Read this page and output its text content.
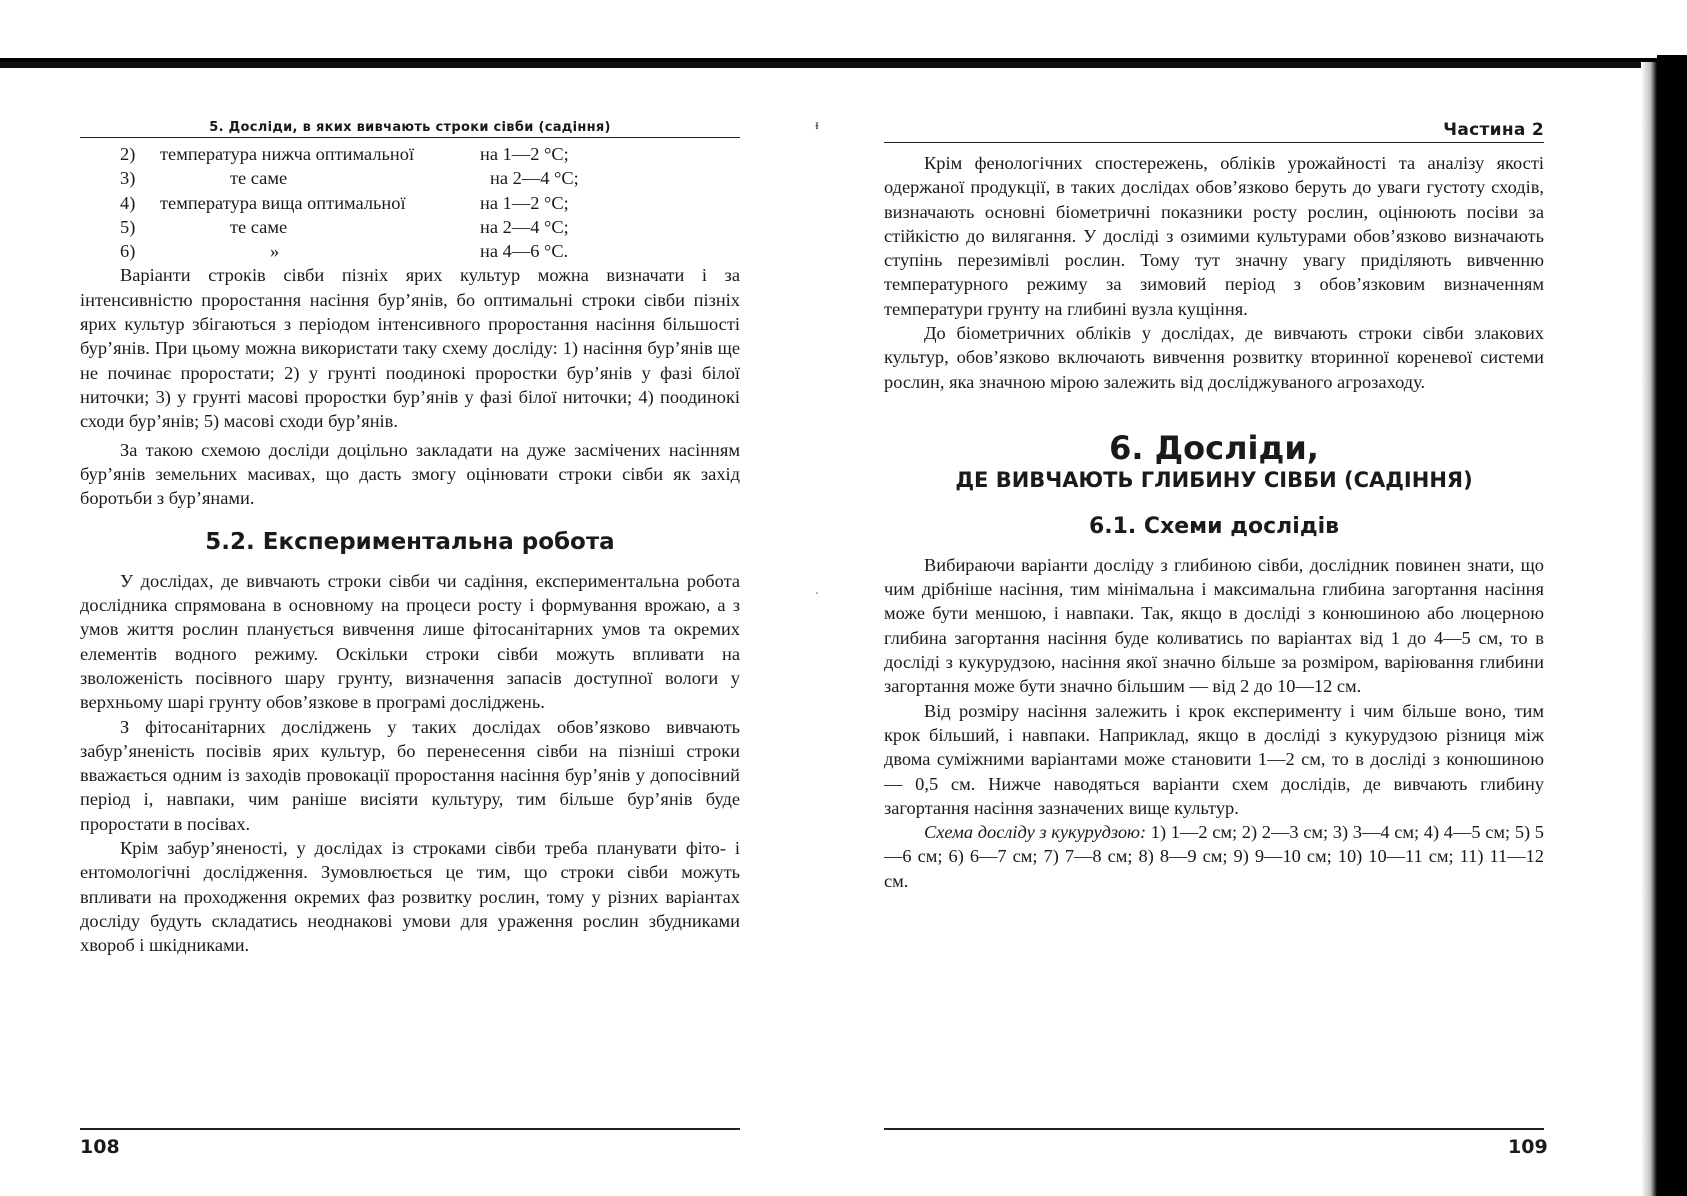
ᵻ
ˑ
5. Досліди, в яких вивчають строки сівби (садіння)
2) температура нижча оптимальної	на 1—2 °С;
3)	те саме	на 2—4 °С;
4) температура вища оптимальної	на 1—2 °С;
5)	те саме	на 2—4 °С;
6)	»	на 4—6 °С.

Варіанти строків сівби пізніх ярих культур можна визначати і за інтенсивністю проростання насіння бур’янів, бо оптимальні строки сівби пізніх ярих культур збігаються з періодом інтенсивного проростання насіння більшості бур’янів. При цьому можна використати таку схему досліду: 1) насіння бур’янів ще не починає проростати; 2) у грунті поодинокі проростки бур’янів у фазі білої ниточки; 3) у грунті масові проростки бур’янів у фазі білої ниточки; 4) поодинокі сходи бур’янів; 5) масові сходи бур’янів.

За такою схемою досліди доцільно закладати на дуже засмічених насінням бур’янів земельних масивах, що дасть змогу оцінювати строки сівби як захід боротьби з бур’янами.

5.2. Експериментальна робота

У дослідах, де вивчають строки сівби чи садіння, експериментальна робота дослідника спрямована в основному на процеси росту і формування врожаю, а з умов життя рослин планується вивчення лише фітосанітарних умов та окремих елементів водного режиму. Оскільки строки сівби можуть впливати на зволоженість посівного шару грунту, визначення запасів доступної вологи у верхньому шарі грунту обов’язкове в програмі досліджень.

З фітосанітарних досліджень у таких дослідах обов’язково вивчають забур’яненість посівів ярих культур, бо перенесення сівби на пізніші строки вважається одним із заходів провокації проростання насіння бур’янів у допосівний період і, навпаки, чим раніше висіяти культуру, тим більше бур’янів буде проростати в посівах.

Крім забур’яненості, у дослідах із строками сівби треба планувати фіто- і ентомологічні дослідження. Зумовлюється це тим, що строки сівби можуть впливати на проходження окремих фаз розвитку рослин, тому у різних варіантах досліду будуть складатись неоднакові умови для ураження рослин збудниками хвороб і шкідниками.

108
Частина 2

Крім фенологічних спостережень, обліків урожайності та аналізу якості одержаної продукції, в таких дослідах обов’язково беруть до уваги густоту сходів, визначають основні біометричні показники росту рослин, оцінюють посіви за стійкістю до вилягання. У досліді з озимими культурами обов’язково визначають ступінь перезимівлі рослин. Тому тут значну увагу приділяють вивченню температурного режиму за зимовий період з обов’язковим визначенням температури грунту на глибині вузла кущіння.

До біометричних обліків у дослідах, де вивчають строки сівби злакових культур, обов’язково включають вивчення розвитку вторинної кореневої системи рослин, яка значною мірою залежить від досліджуваного агрозаходу.

6. Досліди,
ДЕ ВИВЧАЮТЬ ГЛИБИНУ СІВБИ (САДІННЯ)
6.1. Схеми дослідів

Вибираючи варіанти досліду з глибиною сівби, дослідник повинен знати, що чим дрібніше насіння, тим мінімальна і максимальна глибина загортання насіння може бути меншою, і навпаки. Так, якщо в досліді з конюшиною або люцерною глибина загортання насіння буде коливатись по варіантах від 1 до 4—5 см, то в досліді з кукурудзою, насіння якої значно більше за розміром, варіювання глибини загортання може бути значно більшим — від 2 до 10—12 см.

Від розміру насіння залежить і крок експерименту і чим більше воно, тим крок більший, і навпаки. Наприклад, якщо в досліді з кукурудзою різниця між двома суміжними варіантами може становити 1—2 см, то в досліді з конюшиною — 0,5 см. Нижче наводяться варіанти схем дослідів, де вивчають глибину загортання насіння зазначених вище культур.

Схема досліду з кукурудзою: 1) 1—2 см; 2) 2—3 см; 3) 3—4 см; 4) 4—5 см; 5) 5—6 см; 6) 6—7 см; 7) 7—8 см; 8) 8—9 см; 9) 9—10 см; 10) 10—11 см; 11) 11—12 см.

109
